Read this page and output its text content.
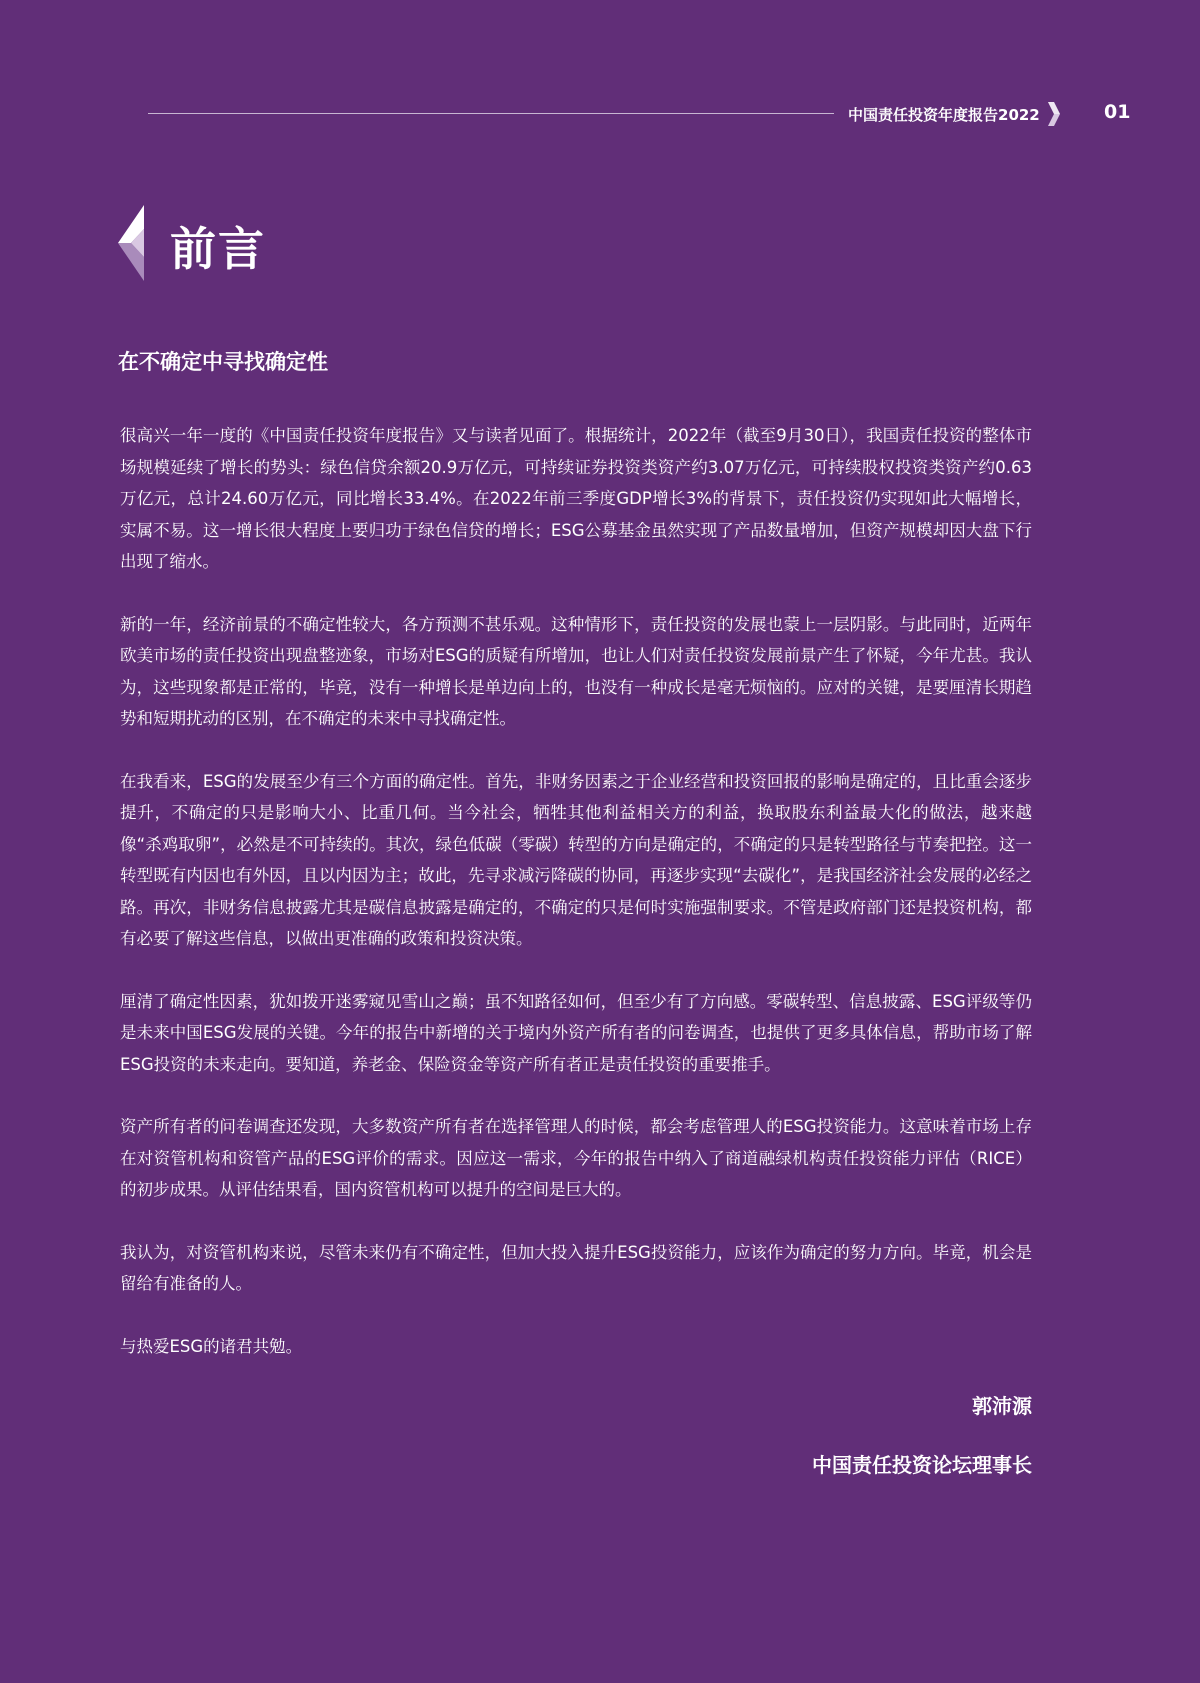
中国责任投资年度报告2022	01
前言
在不确定中寻找确定性

很高兴一年一度的《中国责任投资年度报告》又与读者见面了。根据统计，2022年（截至9月30日），我国责任投资的整体市场规模延续了增长的势头：绿色信贷余额20.9万亿元，可持续证券投资类资产约3.07万亿元，可持续股权投资类资产约0.63万亿元，总计24.60万亿元，同比增长33.4%。在2022年前三季度GDP增长3%的背景下，责任投资仍实现如此大幅增长，实属不易。这一增长很大程度上要归功于绿色信贷的增长；ESG公募基金虽然实现了产品数量增加，但资产规模却因大盘下行出现了缩水。

新的一年，经济前景的不确定性较大，各方预测不甚乐观。这种情形下，责任投资的发展也蒙上一层阴影。与此同时，近两年欧美市场的责任投资出现盘整迹象，市场对ESG的质疑有所增加，也让人们对责任投资发展前景产生了怀疑，今年尤甚。我认为，这些现象都是正常的，毕竟，没有一种增长是单边向上的，也没有一种成长是毫无烦恼的。应对的关键，是要厘清长期趋势和短期扰动的区别，在不确定的未来中寻找确定性。

在我看来，ESG的发展至少有三个方面的确定性。首先，非财务因素之于企业经营和投资回报的影响是确定的，且比重会逐步提升，不确定的只是影响大小、比重几何。当今社会，牺牲其他利益相关方的利益，换取股东利益最大化的做法，越来越像“杀鸡取卵”，必然是不可持续的。其次，绿色低碳（零碳）转型的方向是确定的，不确定的只是转型路径与节奏把控。这一转型既有内因也有外因，且以内因为主；故此，先寻求减污降碳的协同，再逐步实现“去碳化”，是我国经济社会发展的必经之路。再次，非财务信息披露尤其是碳信息披露是确定的，不确定的只是何时实施强制要求。不管是政府部门还是投资机构，都有必要了解这些信息，以做出更准确的政策和投资决策。

厘清了确定性因素，犹如拨开迷雾窥见雪山之巅；虽不知路径如何，但至少有了方向感。零碳转型、信息披露、ESG评级等仍是未来中国ESG发展的关键。今年的报告中新增的关于境内外资产所有者的问卷调查，也提供了更多具体信息，帮助市场了解ESG投资的未来走向。要知道，养老金、保险资金等资产所有者正是责任投资的重要推手。

资产所有者的问卷调查还发现，大多数资产所有者在选择管理人的时候，都会考虑管理人的ESG投资能力。这意味着市场上存在对资管机构和资管产品的ESG评价的需求。因应这一需求，今年的报告中纳入了商道融绿机构责任投资能力评估（RICE）的初步成果。从评估结果看，国内资管机构可以提升的空间是巨大的。

我认为，对资管机构来说，尽管未来仍有不确定性，但加大投入提升ESG投资能力，应该作为确定的努力方向。毕竟，机会是留给有准备的人。

与热爱ESG的诸君共勉。

郭沛源
中国责任投资论坛理事长
